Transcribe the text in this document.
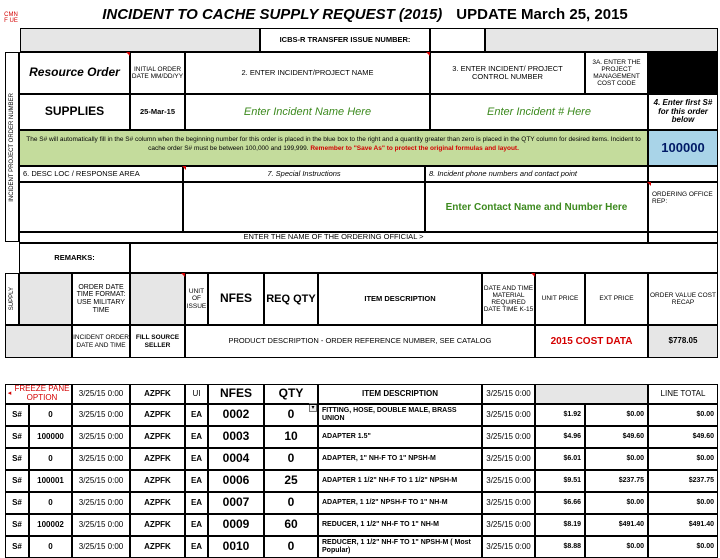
CMNF UE	INCIDENT TO CACHE SUPPLY REQUEST (2015) UPDATE March 25, 2015
ICBS-R TRANSFER ISSUE NUMBER:
INCIDENT PROJECT ORDER NUMBER
Resource Order	INITIAL ORDER DATE MM/DD/YY	2. ENTER INCIDENT/PROJECT NAME	3. ENTER INCIDENT/ PROJECT CONTROL NUMBER
3A. ENTER THE PROJECT MANAGEMENT COST CODE
SUPPLIES	25-Mar-15	Enter Incident Name Here	Enter Incident # Here
4. Enter first S# for this order below
The S# will automatically fill in the S# column when the beginning number for this order is placed in the blue box to the right and a quantity greater than zero is placed in the QTY column for desired items. Incident to cache order S# must be between 100,000 and 199,999. Remember to "Save As" to protect the original formulas and layout.	100000
6. DESC LOC / RESPONSE AREA	7. Special Instructions	8. Incident phone numbers and contact point
Enter Contact Name and Number Here
ORDERING OFFICE REP:
ENTER THE NAME OF THE ORDERING OFFICIAL >
REMARKS:
SUPPLY
ORDER DATE TIME FORMAT: USE MILITARY TIME
UNIT OF ISSUE
NFES	REQ QTY	ITEM DESCRIPTION
DATE AND TIME MATERIAL REQUIRED DATE TIME K-15
UNIT PRICE	EXT PRICE
ORDER VALUE COST RECAP
INCIDENT ORDER DATE AND TIME
FILL SOURCE SELLER	PRODUCT DESCRIPTION - ORDER REFERENCE NUMBER, SEE CATALOG	2015 COST DATA	$778.05
◂
FREEZE PANE OPTION	3/25/15 0:00	AZPFK	UI	NFES	QTY	ITEM DESCRIPTION	3/25/15 0:00	LINE TOTAL
▾
S#	0	3/25/15 0:00	AZPFK	EA	0002	0	FITTING, HOSE, DOUBLE MALE, BRASS UNION	3/25/15 0:00	$1.92	$0.00	$0.00
S#	100000	3/25/15 0:00	AZPFK	EA	0003	10	ADAPTER 1.5"	3/25/15 0:00	$4.96	$49.60	$49.60
S#	0	3/25/15 0:00	AZPFK	EA	0004	0	ADAPTER, 1" NH-F TO 1" NPSH-M	3/25/15 0:00	$6.01	$0.00	$0.00
S#	100001	3/25/15 0:00	AZPFK	EA	0006	25	ADAPTER 1 1/2" NH-F TO 1 1/2" NPSH-M	3/25/15 0:00	$9.51	$237.75	$237.75
S#	0	3/25/15 0:00	AZPFK	EA	0007	0	ADAPTER, 1 1/2" NPSH-F TO 1" NH-M	3/25/15 0:00	$6.66	$0.00	$0.00
S#	100002	3/25/15 0:00	AZPFK	EA	0009	60	REDUCER, 1 1/2" NH-F TO 1" NH-M	3/25/15 0:00	$8.19	$491.40	$491.40
S#	0	3/25/15 0:00	AZPFK	EA	0010	0	REDUCER, 1 1/2" NH-F TO 1" NPSH-M ( Most Popular)	3/25/15 0:00	$8.88	$0.00	$0.00
